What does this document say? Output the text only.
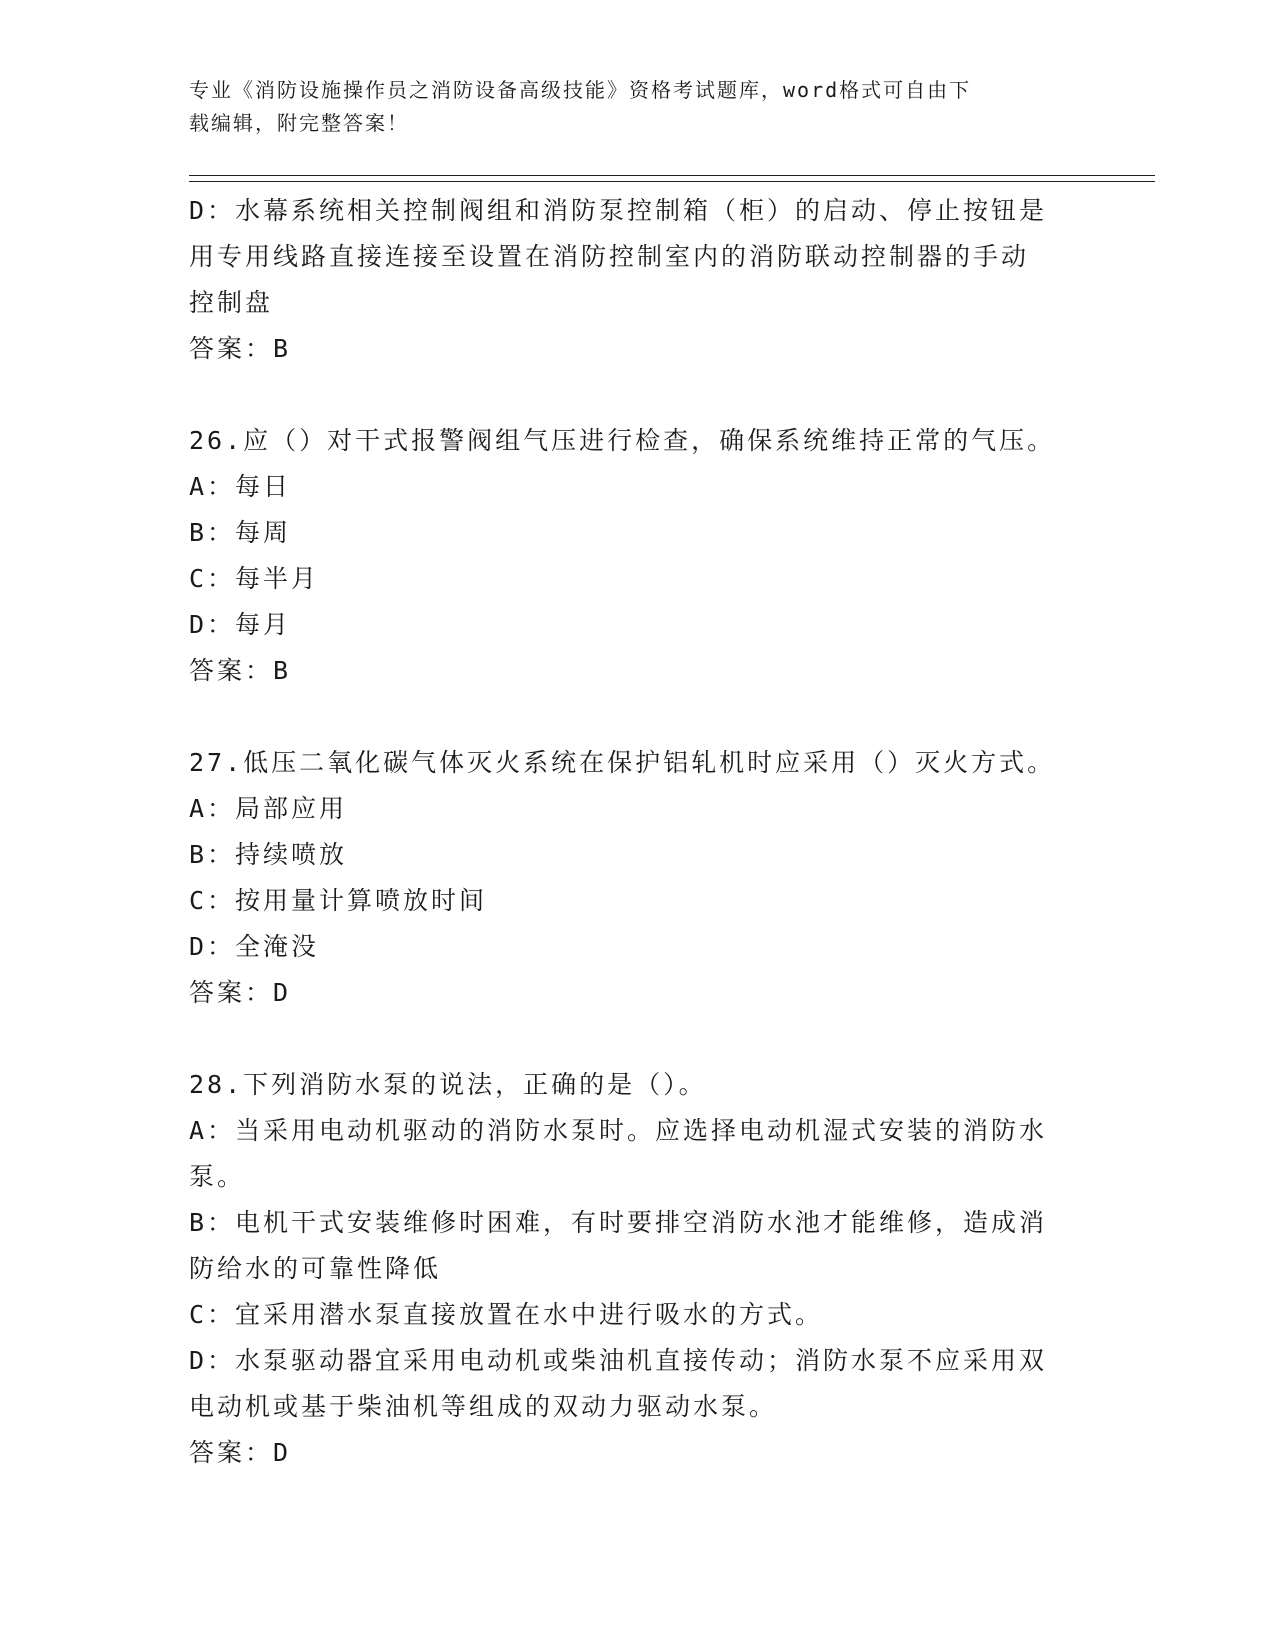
专业《消防设施操作员之消防设备高级技能》资格考试题库，word格式可自由下
载编辑，附完整答案！
D：水幕系统相关控制阀组和消防泵控制箱（柜）的启动、停止按钮是
用专用线路直接连接至设置在消防控制室内的消防联动控制器的手动
控制盘
答案：B
26.应（）对干式报警阀组气压进行检查，确保系统维持正常的气压。
A：每日
B：每周
C：每半月
D：每月
答案：B
27.低压二氧化碳气体灭火系统在保护铝轧机时应采用（）灭火方式。
A：局部应用
B：持续喷放
C：按用量计算喷放时间
D：全淹没
答案：D
28.下列消防水泵的说法，正确的是（）。
A：当采用电动机驱动的消防水泵时。应选择电动机湿式安装的消防水
泵。
B：电机干式安装维修时困难，有时要排空消防水池才能维修，造成消
防给水的可靠性降低
C：宜采用潜水泵直接放置在水中进行吸水的方式。
D：水泵驱动器宜采用电动机或柴油机直接传动；消防水泵不应采用双
电动机或基于柴油机等组成的双动力驱动水泵。
答案：D
